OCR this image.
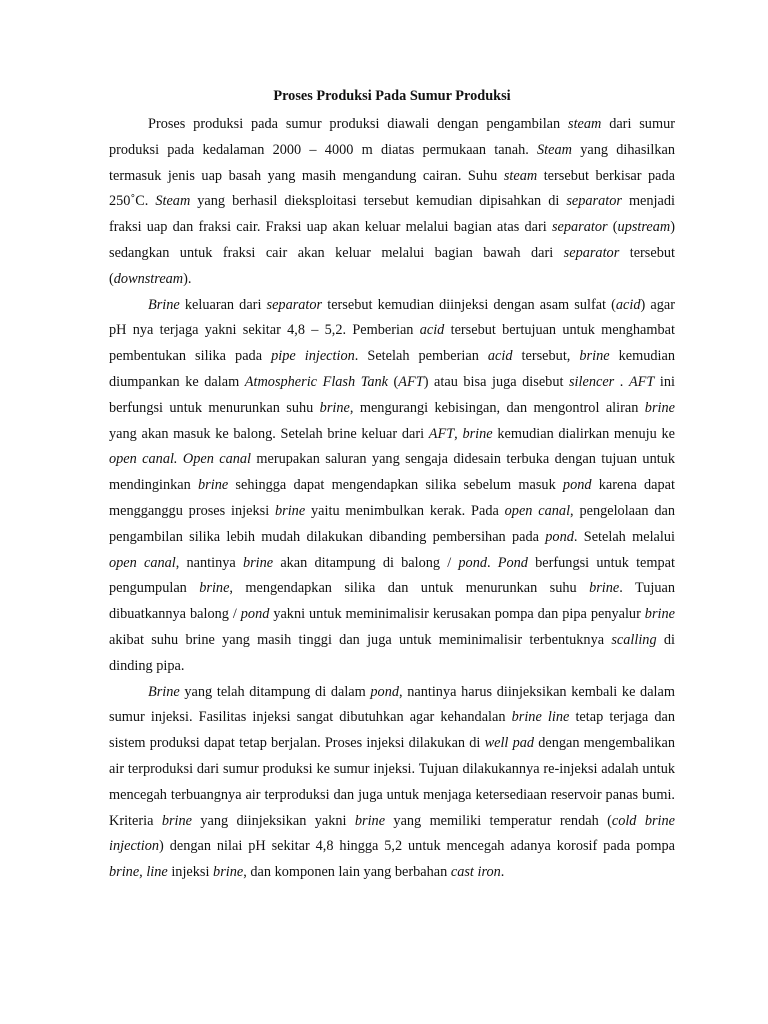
Proses Produksi Pada Sumur Produksi

Proses produksi pada sumur produksi diawali dengan pengambilan steam dari sumur produksi pada kedalaman 2000 – 4000 m diatas permukaan tanah. Steam yang dihasilkan termasuk jenis uap basah yang masih mengandung cairan. Suhu steam tersebut berkisar pada 250˚C. Steam yang berhasil dieksploitasi tersebut kemudian dipisahkan di separator menjadi fraksi uap dan fraksi cair. Fraksi uap akan keluar melalui bagian atas dari separator (upstream) sedangkan untuk fraksi cair akan keluar melalui bagian bawah dari separator tersebut (downstream).

Brine keluaran dari separator tersebut kemudian diinjeksi dengan asam sulfat (acid) agar pH nya terjaga yakni sekitar 4,8 – 5,2. Pemberian acid tersebut bertujuan untuk menghambat pembentukan silika pada pipe injection. Setelah pemberian acid tersebut, brine kemudian diumpankan ke dalam Atmospheric Flash Tank (AFT) atau bisa juga disebut silencer . AFT ini berfungsi untuk menurunkan suhu brine, mengurangi kebisingan, dan mengontrol aliran brine yang akan masuk ke balong. Setelah brine keluar dari AFT, brine kemudian dialirkan menuju ke open canal. Open canal merupakan saluran yang sengaja didesain terbuka dengan tujuan untuk mendinginkan brine sehingga dapat mengendapkan silika sebelum masuk pond karena dapat mengganggu proses injeksi brine yaitu menimbulkan kerak. Pada open canal, pengelolaan dan pengambilan silika lebih mudah dilakukan dibanding pembersihan pada pond. Setelah melalui open canal, nantinya brine akan ditampung di balong / pond. Pond berfungsi untuk tempat pengumpulan brine, mengendapkan silika dan untuk menurunkan suhu brine. Tujuan dibuatkannya balong / pond yakni untuk meminimalisir kerusakan pompa dan pipa penyalur brine akibat suhu brine yang masih tinggi dan juga untuk meminimalisir terbentuknya scalling di dinding pipa.

Brine yang telah ditampung di dalam pond, nantinya harus diinjeksikan kembali ke dalam sumur injeksi. Fasilitas injeksi sangat dibutuhkan agar kehandalan brine line tetap terjaga dan sistem produksi dapat tetap berjalan. Proses injeksi dilakukan di well pad dengan mengembalikan air terproduksi dari sumur produksi ke sumur injeksi. Tujuan dilakukannya re-injeksi adalah untuk mencegah terbuangnya air terproduksi dan juga untuk menjaga ketersediaan reservoir panas bumi. Kriteria brine yang diinjeksikan yakni brine yang memiliki temperatur rendah (cold brine injection) dengan nilai pH sekitar 4,8 hingga 5,2 untuk mencegah adanya korosif pada pompa brine, line injeksi brine, dan komponen lain yang berbahan cast iron.
